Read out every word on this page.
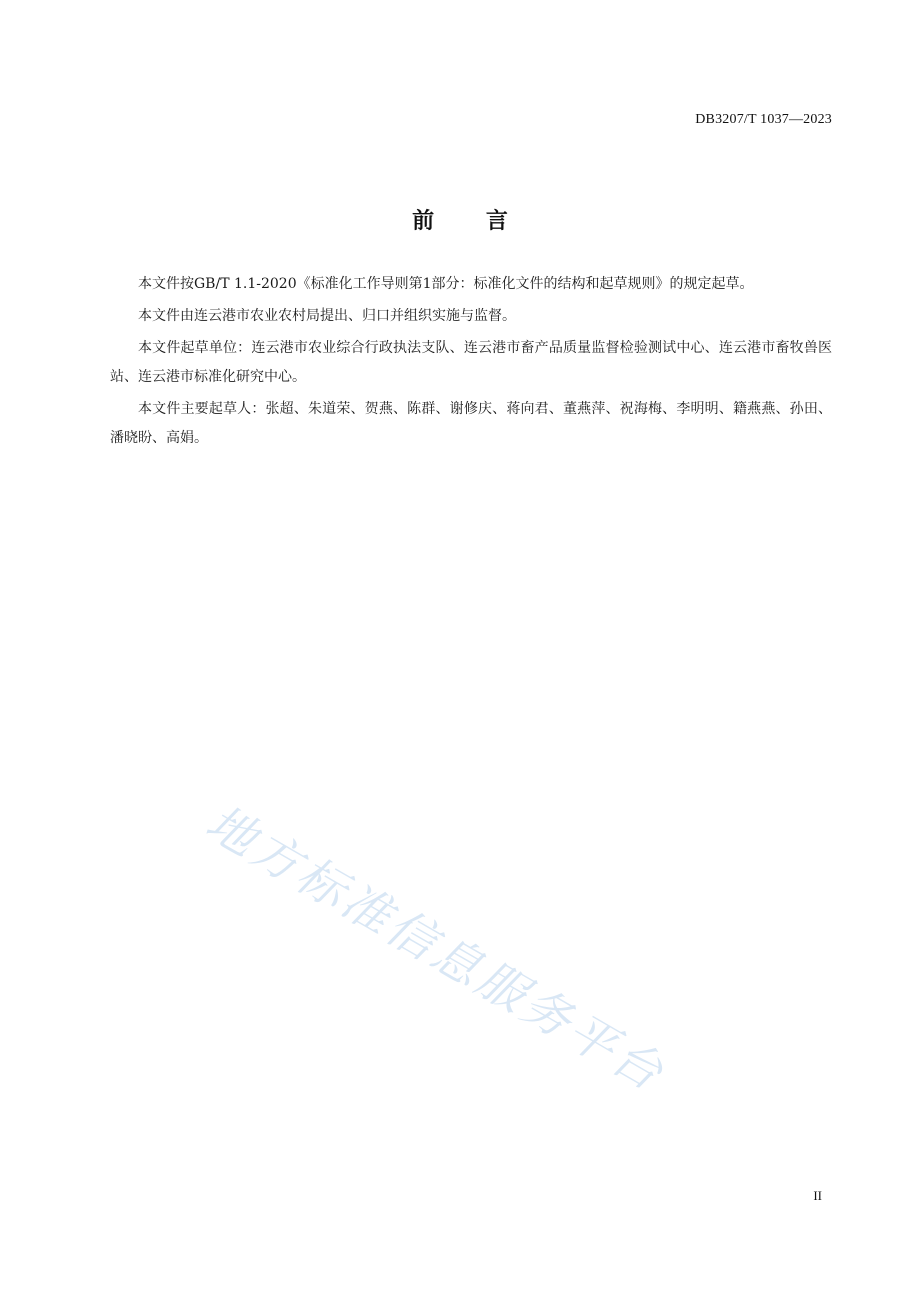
DB3207/T 1037—2023
前 言

本文件按GB/T 1.1-2020《标准化工作导则第1部分：标准化文件的结构和起草规则》的规定起草。

本文件由连云港市农业农村局提出、归口并组织实施与监督。

本文件起草单位：连云港市农业综合行政执法支队、连云港市畜产品质量监督检验测试中心、连云港市畜牧兽医站、连云港市标准化研究中心。

本文件主要起草人：张超、朱道荣、贺燕、陈群、谢修庆、蒋向君、董燕萍、祝海梅、李明明、籍燕燕、孙田、潘晓盼、高娟。

地方标准信息服务平台
II
